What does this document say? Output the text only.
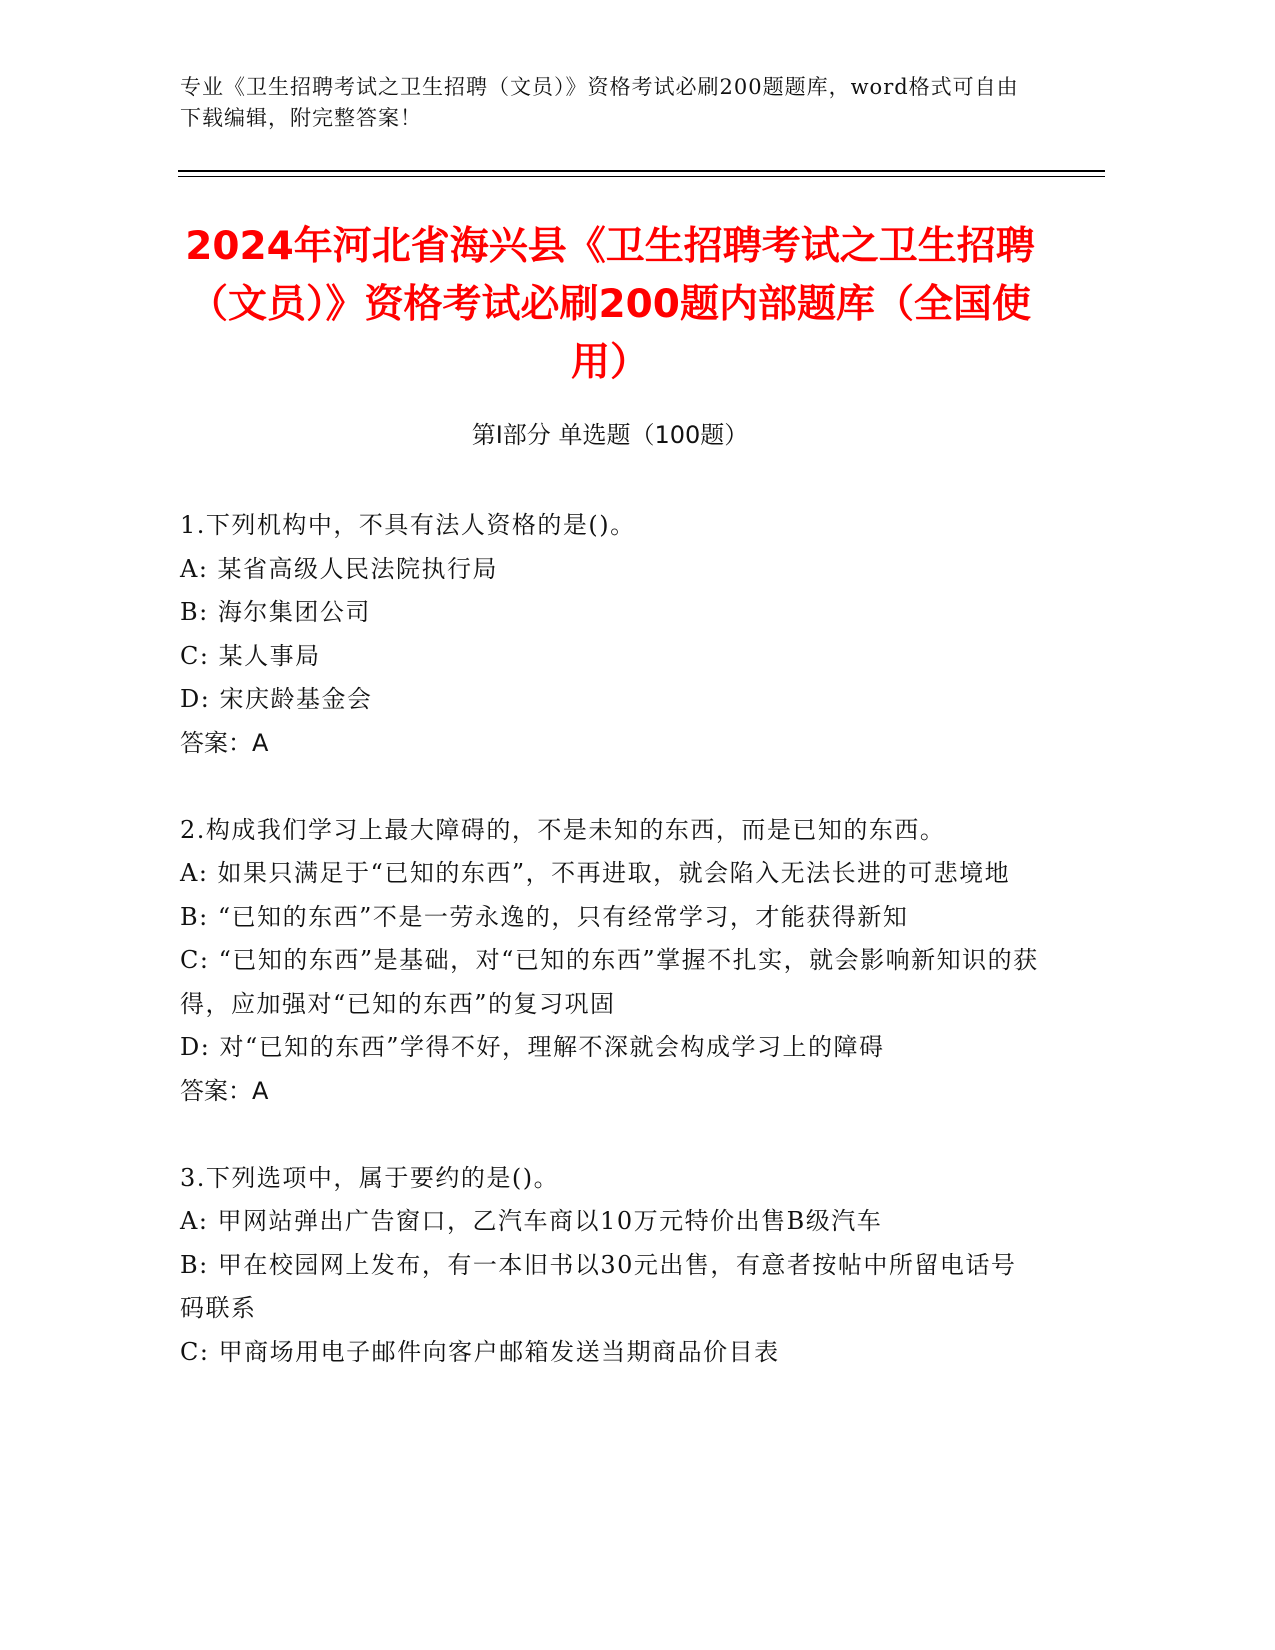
专业《卫生招聘考试之卫生招聘（文员）》资格考试必刷200题题库，word格式可自由下载编辑，附完整答案！
2024年河北省海兴县《卫生招聘考试之卫生招聘（文员）》资格考试必刷200题内部题库（全国使用）
第Ⅰ部分 单选题（100题）
1.下列机构中，不具有法人资格的是()。
A: 某省高级人民法院执行局
B: 海尔集团公司
C: 某人事局
D: 宋庆龄基金会
答案：A
2.构成我们学习上最大障碍的，不是未知的东西，而是已知的东西。
A: 如果只满足于“已知的东西”，不再进取，就会陷入无法长进的可悲境地
B: “已知的东西”不是一劳永逸的，只有经常学习，才能获得新知
C: “已知的东西”是基础，对“已知的东西”掌握不扎实，就会影响新知识的获得，应加强对“已知的东西”的复习巩固
D: 对“已知的东西”学得不好，理解不深就会构成学习上的障碍
答案：A
3.下列选项中，属于要约的是()。
A: 甲网站弹出广告窗口，乙汽车商以10万元特价出售B级汽车
B: 甲在校园网上发布，有一本旧书以30元出售，有意者按帖中所留电话号码联系
C: 甲商场用电子邮件向客户邮箱发送当期商品价目表
